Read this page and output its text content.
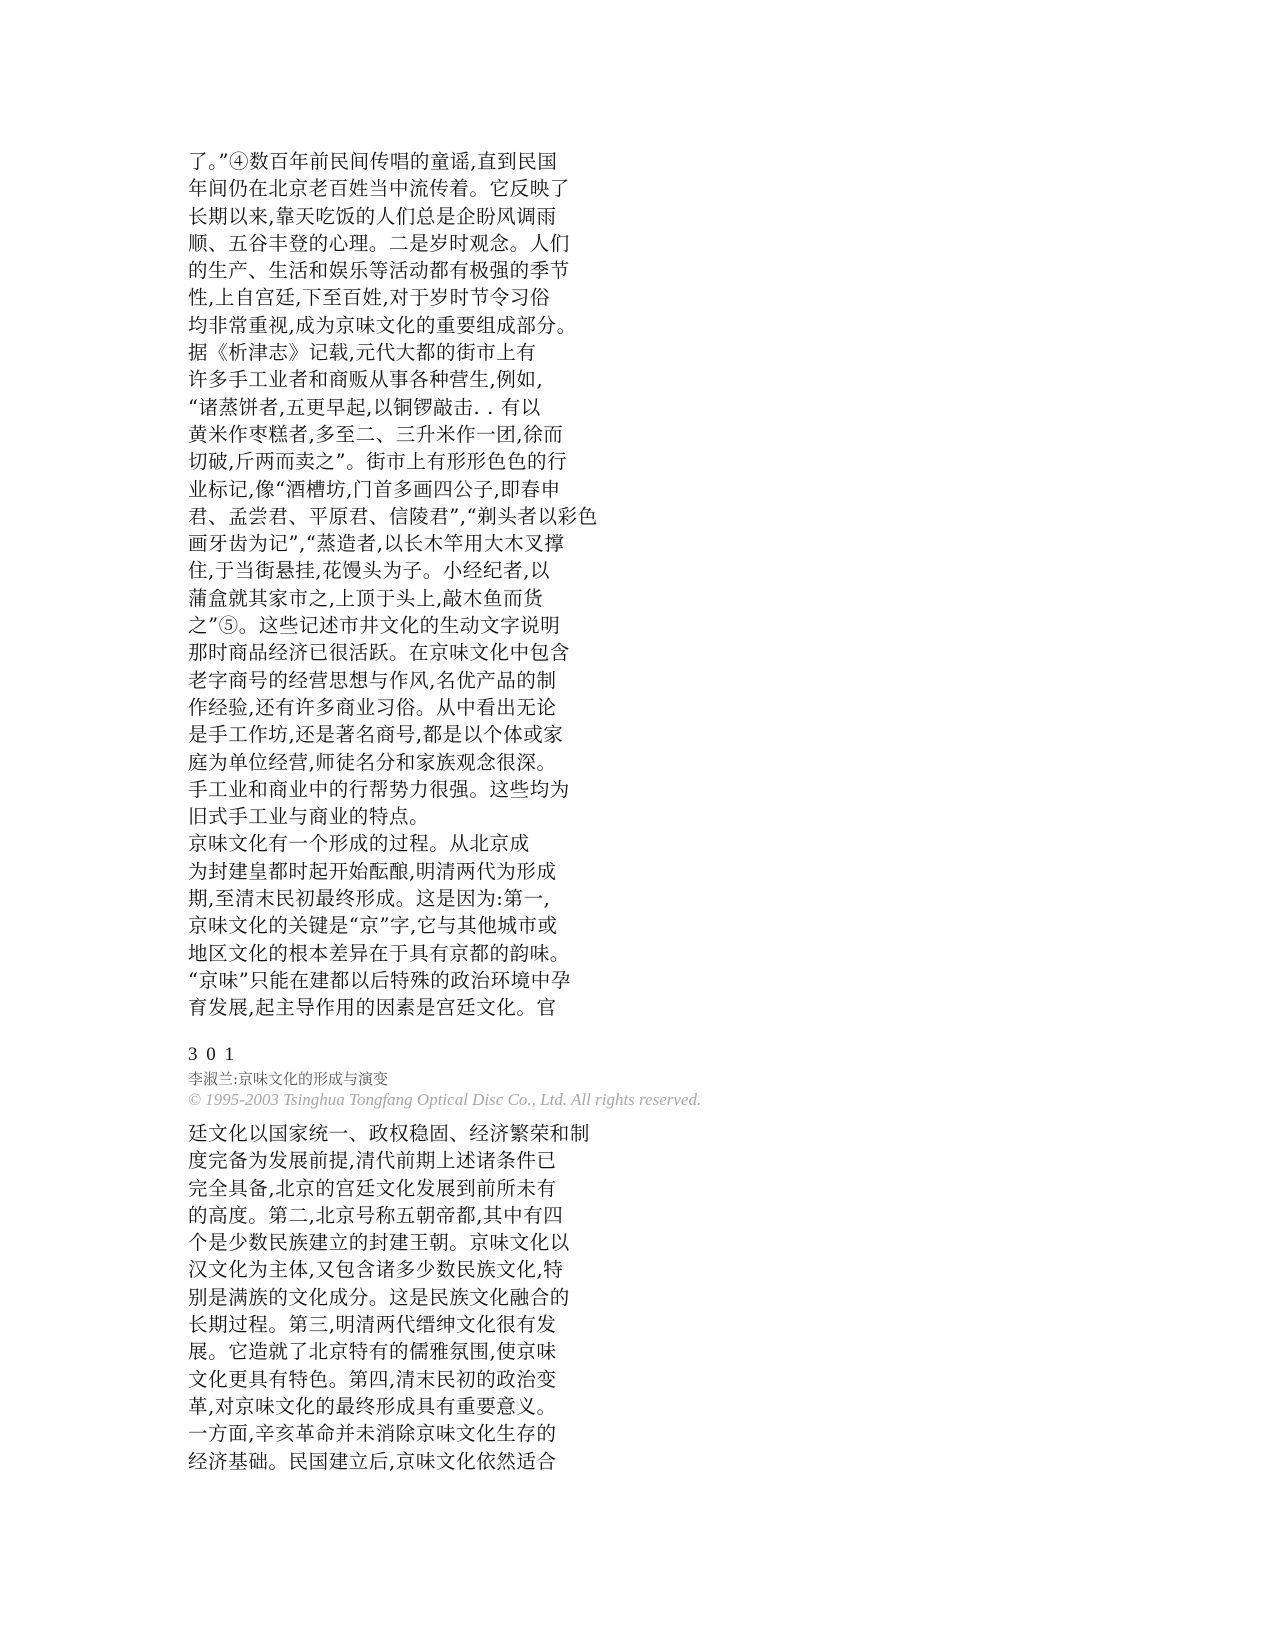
了。”④数百年前民间传唱的童谣,直到民国
年间仍在北京老百姓当中流传着。它反映了
长期以来,靠天吃饭的人们总是企盼风调雨
顺、五谷丰登的心理。二是岁时观念。人们
的生产、生活和娱乐等活动都有极强的季节
性,上自宫廷,下至百姓,对于岁时节令习俗
均非常重视,成为京味文化的重要组成部分。
据《析津志》记载,元代大都的街市上有
许多手工业者和商贩从事各种营生,例如,
“诸蒸饼者,五更早起,以铜锣敲击. . 有以
黄米作枣糕者,多至二、三升米作一团,徐而
切破,斤两而卖之”。街市上有形形色色的行
业标记,像“酒槽坊,门首多画四公子,即春申
君、孟尝君、平原君、信陵君”,“剃头者以彩色
画牙齿为记”,“蒸造者,以长木竿用大木叉撑
住,于当街悬挂,花馒头为子。小经纪者,以
蒲盒就其家市之,上顶于头上,敲木鱼而货
之”⑤。这些记述市井文化的生动文字说明
那时商品经济已很活跃。在京味文化中包含
老字商号的经营思想与作风,名优产品的制
作经验,还有许多商业习俗。从中看出无论
是手工作坊,还是著名商号,都是以个体或家
庭为单位经营,师徒名分和家族观念很深。
手工业和商业中的行帮势力很强。这些均为
旧式手工业与商业的特点。
京味文化有一个形成的过程。从北京成
为封建皇都时起开始酝酿,明清两代为形成
期,至清末民初最终形成。这是因为:第一,
京味文化的关键是“京”字,它与其他城市或
地区文化的根本差异在于具有京都的韵味。
“京味”只能在建都以后特殊的政治环境中孕
育发展,起主导作用的因素是宫廷文化。官
3 0 1
李淑兰:京味文化的形成与演变
© 1995-2003 Tsinghua Tongfang Optical Disc Co., Ltd. All rights reserved.
廷文化以国家统一、政权稳固、经济繁荣和制
度完备为发展前提,清代前期上述诸条件已
完全具备,北京的宫廷文化发展到前所未有
的高度。第二,北京号称五朝帝都,其中有四
个是少数民族建立的封建王朝。京味文化以
汉文化为主体,又包含诸多少数民族文化,特
别是满族的文化成分。这是民族文化融合的
长期过程。第三,明清两代缙绅文化很有发
展。它造就了北京特有的儒雅氛围,使京味
文化更具有特色。第四,清末民初的政治变
革,对京味文化的最终形成具有重要意义。
一方面,辛亥革命并未消除京味文化生存的
经济基础。民国建立后,京味文化依然适合
